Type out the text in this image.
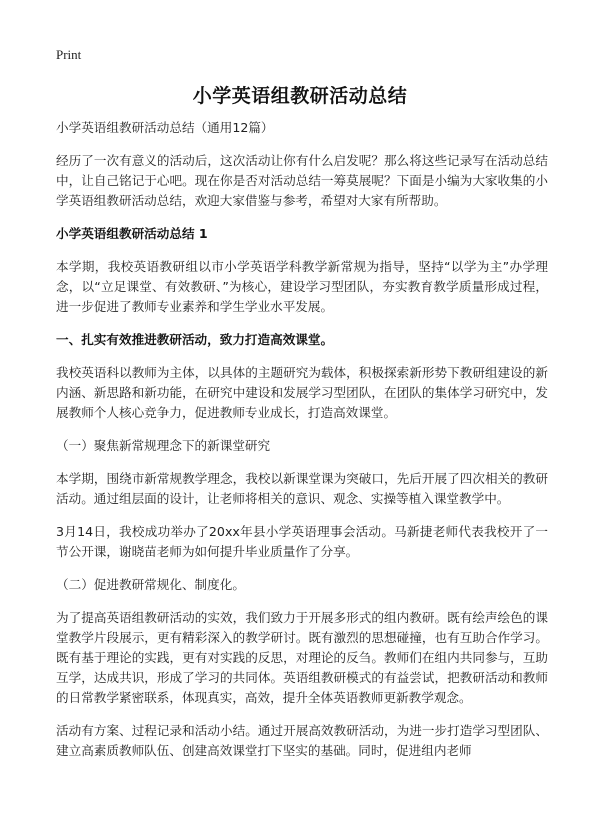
Print
小学英语组教研活动总结

小学英语组教研活动总结（通用12篇）

经历了一次有意义的活动后，这次活动让你有什么启发呢？那么将这些记录写在活动总结中，让自己铭记于心吧。现在你是否对活动总结一筹莫展呢？下面是小编为大家收集的小学英语组教研活动总结，欢迎大家借鉴与参考，希望对大家有所帮助。

小学英语组教研活动总结 1

本学期，我校英语教研组以市小学英语学科教学新常规为指导，坚持“以学为主”办学理念，以“立足课堂、有效教研、”为核心，建设学习型团队，夯实教育教学质量形成过程，进一步促进了教师专业素养和学生学业水平发展。

一、扎实有效推进教研活动，致力打造高效课堂。

我校英语科以教师为主体，以具体的主题研究为载体，积极探索新形势下教研组建设的新内涵、新思路和新功能，在研究中建设和发展学习型团队，在团队的集体学习研究中，发展教师个人核心竞争力，促进教师专业成长，打造高效课堂。

（一）聚焦新常规理念下的新课堂研究

本学期，围绕市新常规教学理念，我校以新课堂课为突破口，先后开展了四次相关的教研活动。通过组层面的设计，让老师将相关的意识、观念、实操等植入课堂教学中。

3月14日，我校成功举办了20xx年县小学英语理事会活动。马新捷老师代表我校开了一节公开课，谢晓苗老师为如何提升毕业质量作了分享。

（二）促进教研常规化、制度化。

为了提高英语组教研活动的实效，我们致力于开展多形式的组内教研。既有绘声绘色的课堂教学片段展示，更有精彩深入的教学研讨。既有激烈的思想碰撞，也有互助合作学习。既有基于理论的实践，更有对实践的反思，对理论的反刍。教师们在组内共同参与，互助互学，达成共识，形成了学习的共同体。英语组教研模式的有益尝试，把教研活动和教师的日常教学紧密联系，体现真实，高效，提升全体英语教师更新教学观念。

活动有方案、过程记录和活动小结。通过开展高效教研活动，为进一步打造学习型团队、建立高素质教师队伍、创建高效课堂打下坚实的基础。同时，促进组内老师
